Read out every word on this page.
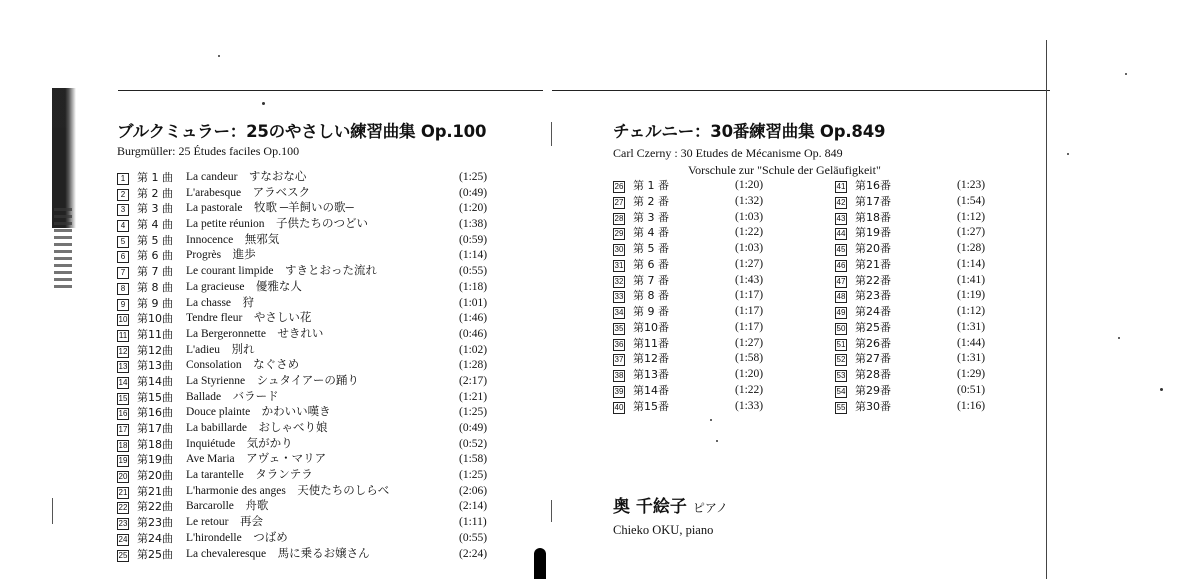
ブルクミュラー：25のやさしい練習曲集 Op.100
Burgmüller: 25 Études faciles Op.100
1	第 1 曲 La candeur　すなおな心	(1:25)
2	第 2 曲 L'arabesque　アラベスク	(0:49)
3	第 3 曲 La pastorale　牧歌 ─羊飼いの歌─	(1:20)
4	第 4 曲 La petite réunion　子供たちのつどい	(1:38)
5	第 5 曲 Innocence　無邪気	(0:59)
6	第 6 曲 Progrès　進歩	(1:14)
7	第 7 曲 Le courant limpide　すきとおった流れ	(0:55)
8	第 8 曲 La gracieuse　優雅な人	(1:18)
9	第 9 曲 La chasse　狩	(1:01)
10 第10曲 Tendre fleur　やさしい花	(1:46)
11 第11曲 La Bergeronnette　せきれい	(0:46)
12 第12曲 L'adieu　別れ	(1:02)
13 第13曲 Consolation　なぐさめ	(1:28)
14 第14曲 La Styrienne　シュタイアーの踊り	(2:17)
15 第15曲 Ballade　バラード	(1:21)
16 第16曲 Douce plainte　かわいい嘆き	(1:25)
17 第17曲 La babillarde　おしゃべり娘	(0:49)
18 第18曲 Inquiétude　気がかり	(0:52)
19 第19曲 Ave Maria　アヴェ・マリア	(1:58)
20 第20曲 La tarantelle　タランテラ	(1:25)
21 第21曲 L'harmonie des anges　天使たちのしらべ	(2:06)
22 第22曲 Barcarolle　舟歌	(2:14)
23 第23曲 Le retour　再会	(1:11)
24 第24曲 L'hirondelle　つばめ	(0:55)
25 第25曲 La chevaleresque　馬に乗るお嬢さん	(2:24)
チェルニー：30番練習曲集 Op.849
Carl Czerny : 30 Etudes de Mécanisme Op. 849
Vorschule zur "Schule der Geläufigkeit"
26 第 1 番	(1:20)
27 第 2 番	(1:32)
28 第 3 番	(1:03)
29 第 4 番	(1:22)
30 第 5 番	(1:03)
31 第 6 番	(1:27)
32 第 7 番	(1:43)
33 第 8 番	(1:17)
34 第 9 番	(1:17)
35 第10番	(1:17)
36 第11番	(1:27)
37 第12番	(1:58)
38 第13番	(1:20)
39 第14番	(1:22)
40 第15番	(1:33)
41 第16番	(1:23)
42 第17番	(1:54)
43 第18番	(1:12)
44 第19番	(1:27)
45 第20番	(1:28)
46 第21番	(1:14)
47 第22番	(1:41)
48 第23番	(1:19)
49 第24番	(1:12)
50 第25番	(1:31)
51 第26番	(1:44)
52 第27番	(1:31)
53 第28番	(1:29)
54 第29番	(0:51)
55 第30番	(1:16)
奥 千絵子 ピアノ
Chieko OKU, piano
